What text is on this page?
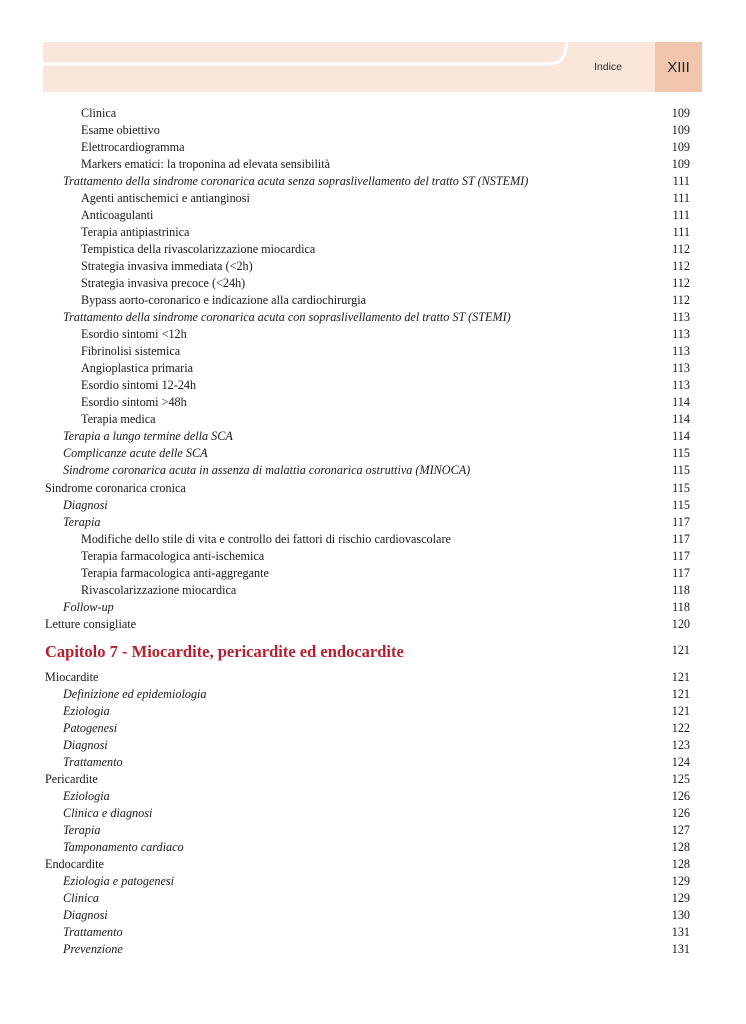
Indice	XIII
Clinica	109
Esame obiettivo	109
Elettrocardiogramma	109
Markers ematici: la troponina ad elevata sensibilità	109
Trattamento della sindrome coronarica acuta senza sopraslivellamento del tratto ST (NSTEMI)	111
Agenti antischemici e antianginosi	111
Anticoagulanti	111
Terapia antipiastrinica	111
Tempistica della rivascolarizzazione miocardica	112
Strategia invasiva immediata (<2h)	112
Strategia invasiva precoce (<24h)	112
Bypass aorto-coronarico e indicazione alla cardiochirurgia	112
Trattamento della sindrome coronarica acuta con sopraslivellamento del tratto ST (STEMI)	113
Esordio sintomi <12h	113
Fibrinolisi sistemica	113
Angioplastica primaria	113
Esordio sintomi 12-24h	113
Esordio sintomi >48h	114
Terapia medica	114
Terapia a lungo termine della SCA	114
Complicanze acute delle SCA	115
Sindrome coronarica acuta in assenza di malattia coronarica ostruttiva (MINOCA)	115
Sindrome coronarica cronica	115
Diagnosi	115
Terapia	117
Modifiche dello stile di vita e controllo dei fattori di rischio cardiovascolare	117
Terapia farmacologica anti-ischemica	117
Terapia farmacologica anti-aggregante	117
Rivascolarizzazione miocardica	118
Follow-up	118
Letture consigliate	120
Capitolo 7 - Miocardite, pericardite ed endocardite	121
Miocardite	121
Definizione ed epidemiologia	121
Eziologia	121
Patogenesi	122
Diagnosi	123
Trattamento	124
Pericardite	125
Eziologia	126
Clinica e diagnosi	126
Terapia	127
Tamponamento cardiaco	128
Endocardite	128
Eziologia e patogenesi	129
Clinica	129
Diagnosi	130
Trattamento	131
Prevenzione	131
